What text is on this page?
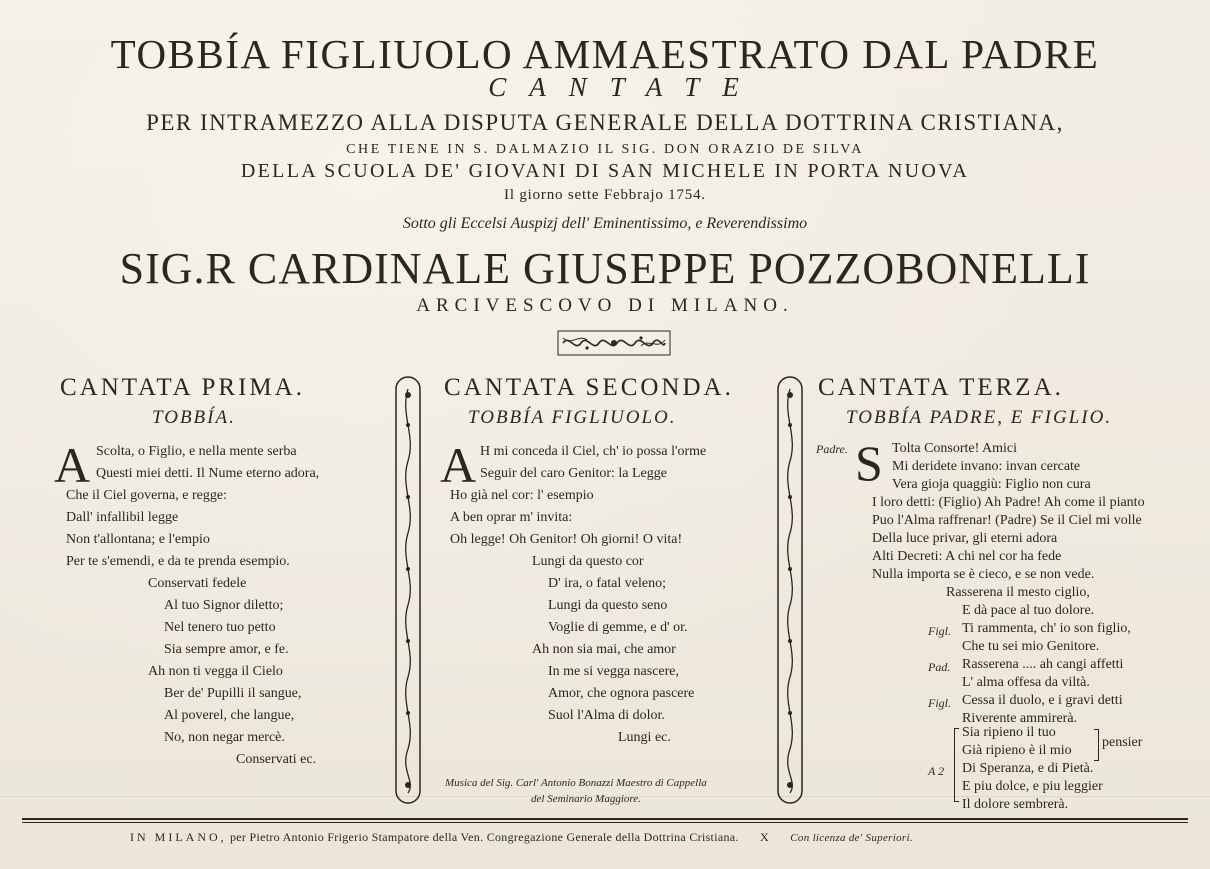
TOBBÍA FIGLIUOLO AMMAESTRATO DAL PADRE
CANTATE
PER INTRAMEZZO ALLA DISPUTA GENERALE DELLA DOTTRINA CRISTIANA,
CHE TIENE IN S. DALMAZIO IL SIG. DON ORAZIO DE SILVA
DELLA SCUOLA DE' GIOVANI DI SAN MICHELE IN PORTA NUOVA
Il giorno sette Febbrajo 1754.
Sotto gli Eccelsi Auspizj dell' Eminentissimo, e Reverendissimo
SIG.R CARDINALE GIUSEPPE POZZOBONELLI
ARCIVESCOVO DI MILANO.
CANTATA PRIMA.
TOBBÍA.
A Scolta, o Figlio, e nella mente serba
Questi miei detti. Il Nume eterno adora,
Che il Ciel governa, e regge:
Dall' infallibil legge
Non t'allontana; e l'empio
Per te s'emendi, e da te prenda esempio.
Conservati fedele
Al tuo Signor diletto;
Nel tenero tuo petto
Sia sempre amor, e fe.
Ah non ti vegga il Cielo
Ber de' Pupilli il sangue,
Al poverel, che langue,
No, non negar mercè.
Conservati ec.
CANTATA SECONDA.
TOBBÍA FIGLIUOLO.
A H mi conceda il Ciel, ch' io possa l'orme
Seguir del caro Genitor: la Legge
Ho già nel cor: l' esempio
A ben oprar m' invita:
Oh legge! Oh Genitor! Oh giorni! O vita!
Lungi da questo cor
D' ira, o fatal veleno;
Lungi da questo seno
Voglie di gemme, e d' or.
Ah non sia mai, che amor
In me si vegga nascere,
Amor, che ognora pascere
Suol l'Alma di dolor.
Lungi ec.
Musica del Sig. Carl' Antonio Bonazzi Maestro di Cappella
del Seminario Maggiore.
CANTATA TERZA.
TOBBÍA PADRE, E FIGLIO.
Padre. S Tolta Consorte! Amici
Mi deridete invano: invan cercate
Vera gioja quaggiù: Figlio non cura
I loro detti: (Figlio) Ah Padre! Ah come il pianto
Puo l'Alma raffrenar! (Padre) Se il Ciel mi volle
Della luce privar, gli eterni adora
Alti Decreti: A chi nel cor ha fede
Nulla importa se è cieco, e se non vede.
Rasserena il mesto ciglio,
E dà pace al tuo dolore.
Figl. Ti rammenta, ch' io son figlio,
Che tu sei mio Genitore.
Pad. Rasserena .... ah cangi affetti
L' alma offesa da viltà.
Figl. Cessa il duolo, e i gravi detti
Riverente ammirerà.
A 2
Sia ripieno il tuo
Già ripieno è il mio
pensier
Di Speranza, e di Pietà.
E piu dolce, e piu leggier
Il dolore sembrerà.
IN MILANO, per Pietro Antonio Frigerio Stampatore della Ven. Congregazione Generale della Dottrina Cristiana. X Con licenza de' Superiori.
